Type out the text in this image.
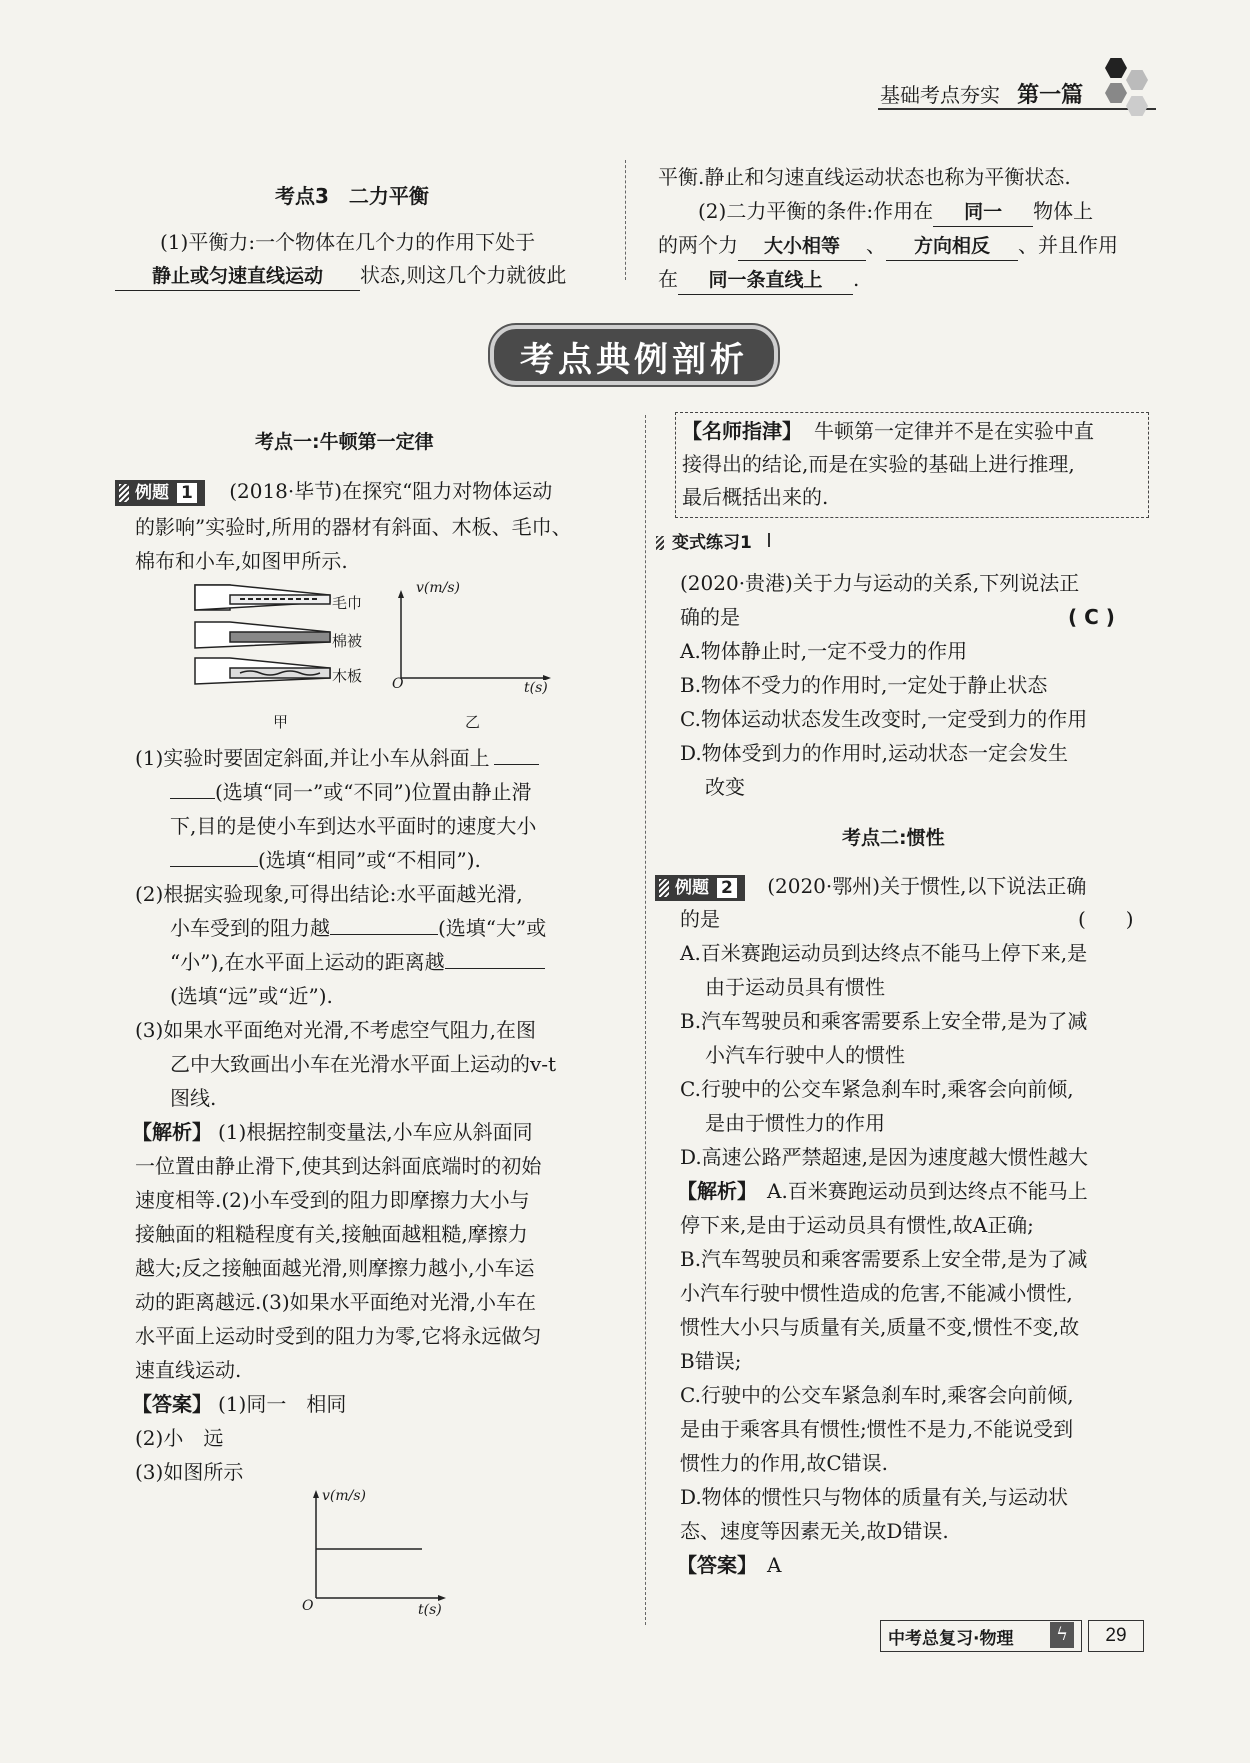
基础考点夯实 第一篇
考点3　二力平衡
(1)平衡力:一个物体在几个力的作用下处于
静止或匀速直线运动 状态,则这几个力就彼此
平衡.静止和匀速直线运动状态也称为平衡状态.
(2)二力平衡的条件:作用在 同一 物体上
的两个力 大小相等 、 方向相反 、并且作用
在 同一条直线上 .
考点典例剖析
考点一:牛顿第一定律
例题 1 (2018·毕节)在探究“阻力对物体运动
的影响”实验时,所用的器材有斜面、木板、毛巾、
棉布和小车,如图甲所示.
毛巾
棉被
木板
v(m/s)
t(s)
O
甲	乙
(1)实验时要固定斜面,并让小车从斜面上
(选填“同一”或“不同”)位置由静止滑
下,目的是使小车到达水平面时的速度大小
(选填“相同”或“不相同”).
(2)根据实验现象,可得出结论:水平面越光滑,
小车受到的阻力越	(选填“大”或
“小”),在水平面上运动的距离越
(选填“远”或“近”).
(3)如果水平面绝对光滑,不考虑空气阻力,在图
乙中大致画出小车在光滑水平面上运动的v-t
图线.
【解析】 (1)根据控制变量法,小车应从斜面同
一位置由静止滑下,使其到达斜面底端时的初始
速度相等.(2)小车受到的阻力即摩擦力大小与
接触面的粗糙程度有关,接触面越粗糙,摩擦力
越大;反之接触面越光滑,则摩擦力越小,小车运
动的距离越远.(3)如果水平面绝对光滑,小车在
水平面上运动时受到的阻力为零,它将永远做匀
速直线运动.
【答案】 (1)同一　相同
(2)小　远
(3)如图所示
v(m/s)
t(s)
O
【名师指津】 牛顿第一定律并不是在实验中直
接得出的结论,而是在实验的基础上进行推理,
最后概括出来的.
变式练习1
(2020·贵港)关于力与运动的关系,下列说法正
确的是	( C )
A.物体静止时,一定不受力的作用
B.物体不受力的作用时,一定处于静止状态
C.物体运动状态发生改变时,一定受到力的作用
D.物体受到力的作用时,运动状态一定会发生
改变
考点二:惯性
例题 2 (2020·鄂州)关于惯性,以下说法正确
的是	(　　)
A.百米赛跑运动员到达终点不能马上停下来,是
由于运动员具有惯性
B.汽车驾驶员和乘客需要系上安全带,是为了减
小汽车行驶中人的惯性
C.行驶中的公交车紧急刹车时,乘客会向前倾,
是由于惯性力的作用
D.高速公路严禁超速,是因为速度越大惯性越大
【解析】 A.百米赛跑运动员到达终点不能马上
停下来,是由于运动员具有惯性,故A正确;
B.汽车驾驶员和乘客需要系上安全带,是为了减
小汽车行驶中惯性造成的危害,不能减小惯性,
惯性大小只与质量有关,质量不变,惯性不变,故
B错误;
C.行驶中的公交车紧急刹车时,乘客会向前倾,
是由于乘客具有惯性;惯性不是力,不能说受到
惯性力的作用,故C错误.
D.物体的惯性只与物体的质量有关,与运动状
态、速度等因素无关,故D错误.
【答案】 A
中考总复习·物理	ϟ	29
